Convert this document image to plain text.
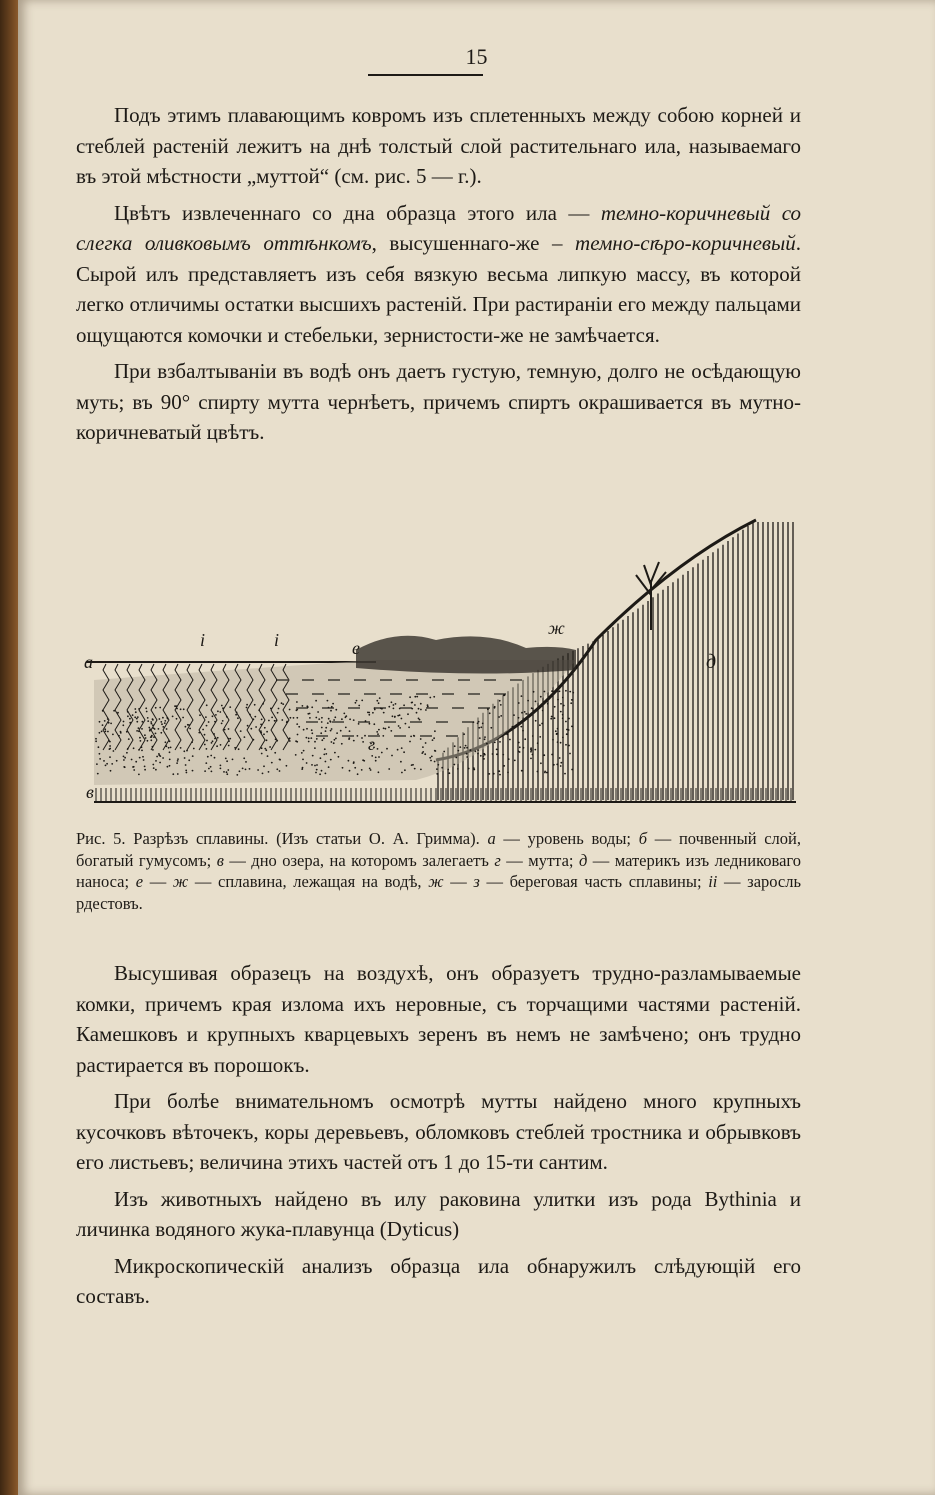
15

Подъ этимъ плавающимъ ковромъ изъ сплетенныхъ между собою корней и стеблей растеній лежитъ на днѣ толстый слой растительнаго ила, называемаго въ этой мѣстности „муттой“ (см. рис. 5 — г.).

Цвѣтъ извлеченнаго со дна образца этого ила — темно-коричневый со слегка оливковымъ оттѣнкомъ, высушеннаго-же – темно-сѣро-коричневый. Сырой илъ представляетъ изъ себя вязкую весьма липкую массу, въ которой легко отличимы остатки высшихъ растеній. При растираніи его между пальцами ощущаются комочки и стебельки, зернистости-же не замѣчается.

При взбалтываніи въ водѣ онъ даетъ густую, темную, долго не осѣдающую муть; въ 90° спирту мутта чернѣетъ, причемъ спиртъ окрашивается въ мутно-коричневатый цвѣтъ.

а
i	i	е
ж
г
д
в
Рис. 5. Разрѣзъ сплавины. (Изъ статьи О. А. Гримма). а — уровень воды; б — почвенный слой, богатый гумусомъ; в — дно озера, на которомъ залегаетъ г — мутта; д — материкъ изъ ледниковаго наноса; е — ж — сплавина, лежащая на водѣ, ж — з — береговая часть сплавины; ii — заросль рдестовъ.

Высушивая образецъ на воздухѣ, онъ образуетъ трудно-разламываемые комки, причемъ края излома ихъ неровные, съ торчащими частями растеній. Камешковъ и крупныхъ кварцевыхъ зеренъ въ немъ не замѣчено; онъ трудно растирается въ порошокъ.

При болѣе внимательномъ осмотрѣ мутты найдено много крупныхъ кусочковъ вѣточекъ, коры деревьевъ, обломковъ стеблей тростника и обрывковъ его листьевъ; величина этихъ частей отъ 1 до 15-ти сантим.

Изъ животныхъ найдено въ илу раковина улитки изъ рода Bythinia и личинка водяного жука-плавунца (Dyticus)

Микроскопическій анализъ образца ила обнаружилъ слѣдующій его составъ.
